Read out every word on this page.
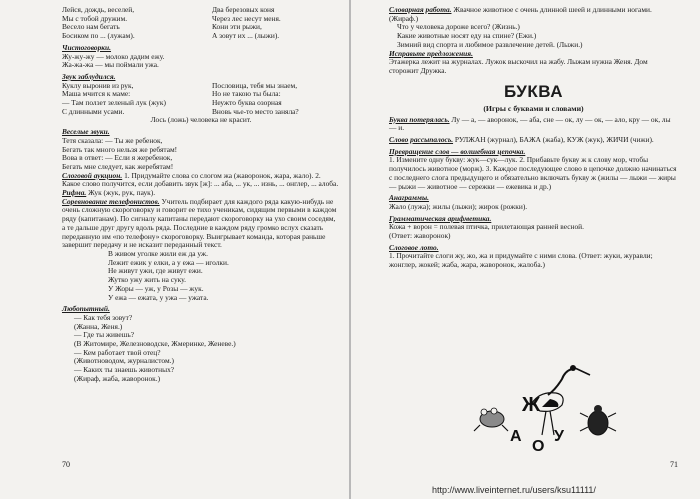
Лейся, дождь, веселей,

Мы с тобой дружим.

Весело нам бегать

Босиком по ... (лужам).

Два березовых коня

Через лес несут меня.

Кони эти рыжи,

А зовут их ... (лыжи).

Чистоговорки.

Жу-жу-жу — молоко дадим ежу.

Жа-жа-жа — мы поймали ужа.

Звук заблудился.

Куклу выронив из рук,

Маша мчится к маме:

— Там ползет зеленый лук (жук)

С длинными усами.

Пословица, тебя мы знаем,

Но не такою ты была:

Неужто буква озорная

Вновь чье-то место заняла?

Лось (ложь) человека не красит.

Веселые звуки.

Тетя сказала: — Ты же ребенок,

Бегать так много нельзя же ребятам!

Вова в ответ: — Если я жеребенок,

Бегать мне следует, как жеребятам!

Слоговой аукцион. 1. Придумайте слова со слогом жа (жаворонок, жара, жало). 2. Какое слово получится, если добавить звук [ж]: ... аба, ... ук, ... изнь, ... онглер, ... алоба.

Рифма. Жук (жук, рук, паук).

Соревнование телефонистов. Учитель подбирает для каждого ряда какую-нибудь не очень сложную скороговорку и говорит ее тихо ученикам, сидящим первыми в каждом ряду (капитанам). По сигналу капитаны передают скороговорку на ухо своим соседям, а те дальше друг другу вдоль ряда. Последние в каждом ряду громко вслух сказать переданную им «по телефону» скороговорку. Выигрывает команда, которая раньше завершит передачу и не исказит переданный текст.

В живом уголке жили еж да уж.

Лежит ежик у елки, а у ежа — иголки.

Не живут ужи, где живут ежи.

Жутко ужу жить на суку.

У Жоры — уж, у Розы — жук.

У ежа — ежата, у ужа — ужата.

Любопытный.

— Как тебя зовут?

(Жанна, Женя.)

— Где ты живешь?

(В Житомире, Железноводске, Жмеринке, Женеве.)

— Кем работает твой отец?

(Животноводом, журналистом.)

— Каких ты знаешь животных?

(Жираф, жаба, жаворонок.)

70

Словарная работа. Жвачное животное с очень длинной шеей и длинными ногами. (Жираф.)

Что у человека дороже всего? (Жизнь.)

Какие животные носят еду на спине? (Ежи.)

Зимний вид спорта и любимое развлечение детей. (Лыжи.)

Исправьте предложения.

Этажерка лежит на журналах. Лужок выскочил на жабу. Лыжам нужна Женя. Дом сторожит Дружка.

БУКВА

(Игры с буквами и словами)

Буква потерялась. Лу — а, — аворонок, — аба, сне — ок, лу — ок, — ало, кру — ок, лы — и.

Слово рассыпалось. РУЛЖАН (журнал), БАЖА (жаба), КУЖ (жук), ЖИЧИ (чижи).

Превращение слов — волшебная цепочка.

1. Измените одну букву: жук—сук—лук. 2. Прибавьте букву ж к слову мор, чтобы получилось животное (морж). 3. Каждое последующее слово в цепочке должно начинаться с последнего слога предыдущего и обязательно включать букву ж (жилы — лыжи — жиры — рыжи — животное — сережки — ежевика и др.)

Анаграммы.

Жало (лужа); жилы (лыжи); жирок (рожки).

Грамматическая арифметика.

Кожа + ворон = полевая птичка, прилетающая ранней весной.

(Ответ: жаворонок)

Слоговое лото.

1. Прочитайте слоги жу, жо, жа и придумайте с ними слова. (Ответ: жуки, журавли; жонглер, жокей; жаба, жара, жаворонок, жалоба.)

71
Ж
А
О
У
http://www.liveinternet.ru/users/ksu11111/
